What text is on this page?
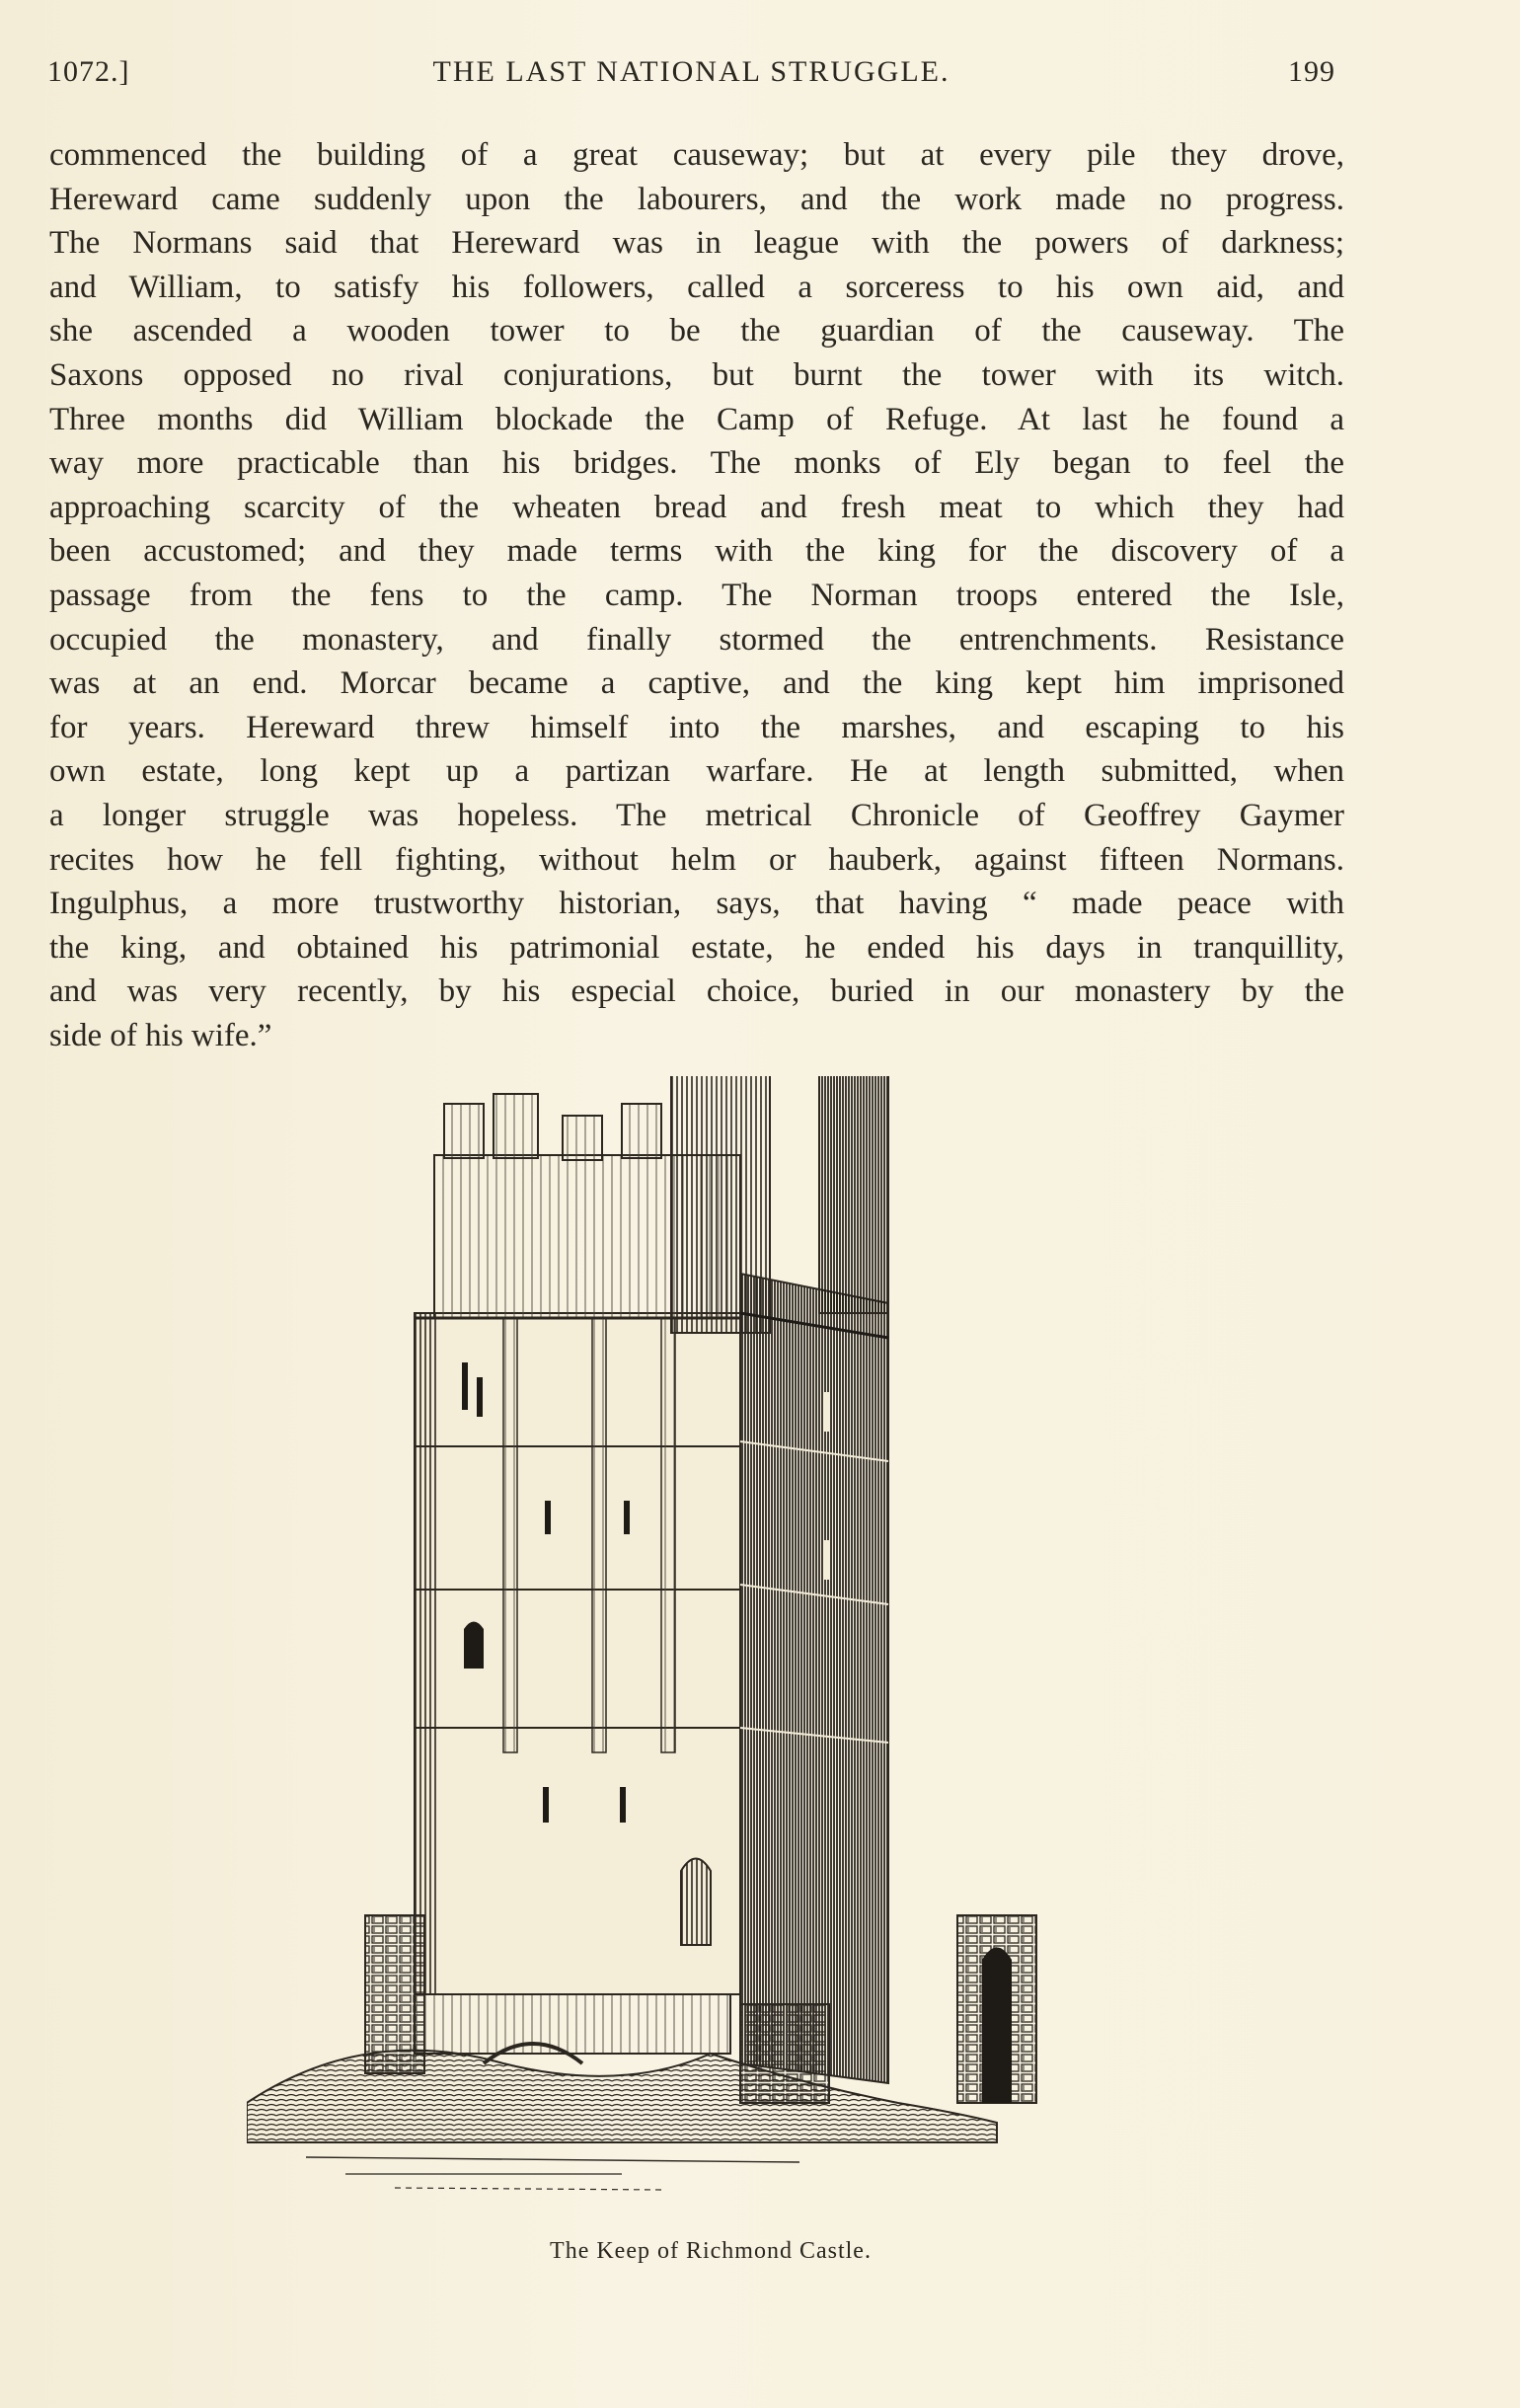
1072.]	THE LAST NATIONAL STRUGGLE.	199
commenced the building of a great causeway; but at every pile they drove,
Hereward came suddenly upon the labourers, and the work made no progress.
The Normans said that Hereward was in league with the powers of darkness;
and William, to satisfy his followers, called a sorceress to his own aid, and
she ascended a wooden tower to be the guardian of the causeway. The
Saxons opposed no rival conjurations, but burnt the tower with its witch.
Three months did William blockade the Camp of Refuge. At last he found a
way more practicable than his bridges. The monks of Ely began to feel the
approaching scarcity of the wheaten bread and fresh meat to which they had
been accustomed; and they made terms with the king for the discovery of a
passage from the fens to the camp. The Norman troops entered the Isle,
occupied the monastery, and finally stormed the entrenchments. Resistance
was at an end. Morcar became a captive, and the king kept him imprisoned
for years. Hereward threw himself into the marshes, and escaping to his
own estate, long kept up a partizan warfare. He at length submitted, when
a longer struggle was hopeless. The metrical Chronicle of Geoffrey Gaymer
recites how he fell fighting, without helm or hauberk, against fifteen Normans.
Ingulphus, a more trustworthy historian, says, that having “ made peace with
the king, and obtained his patrimonial estate, he ended his days in tranquillity,
and was very recently, by his especial choice, buried in our monastery by the
side of his wife.”
The Keep of Richmond Castle.
